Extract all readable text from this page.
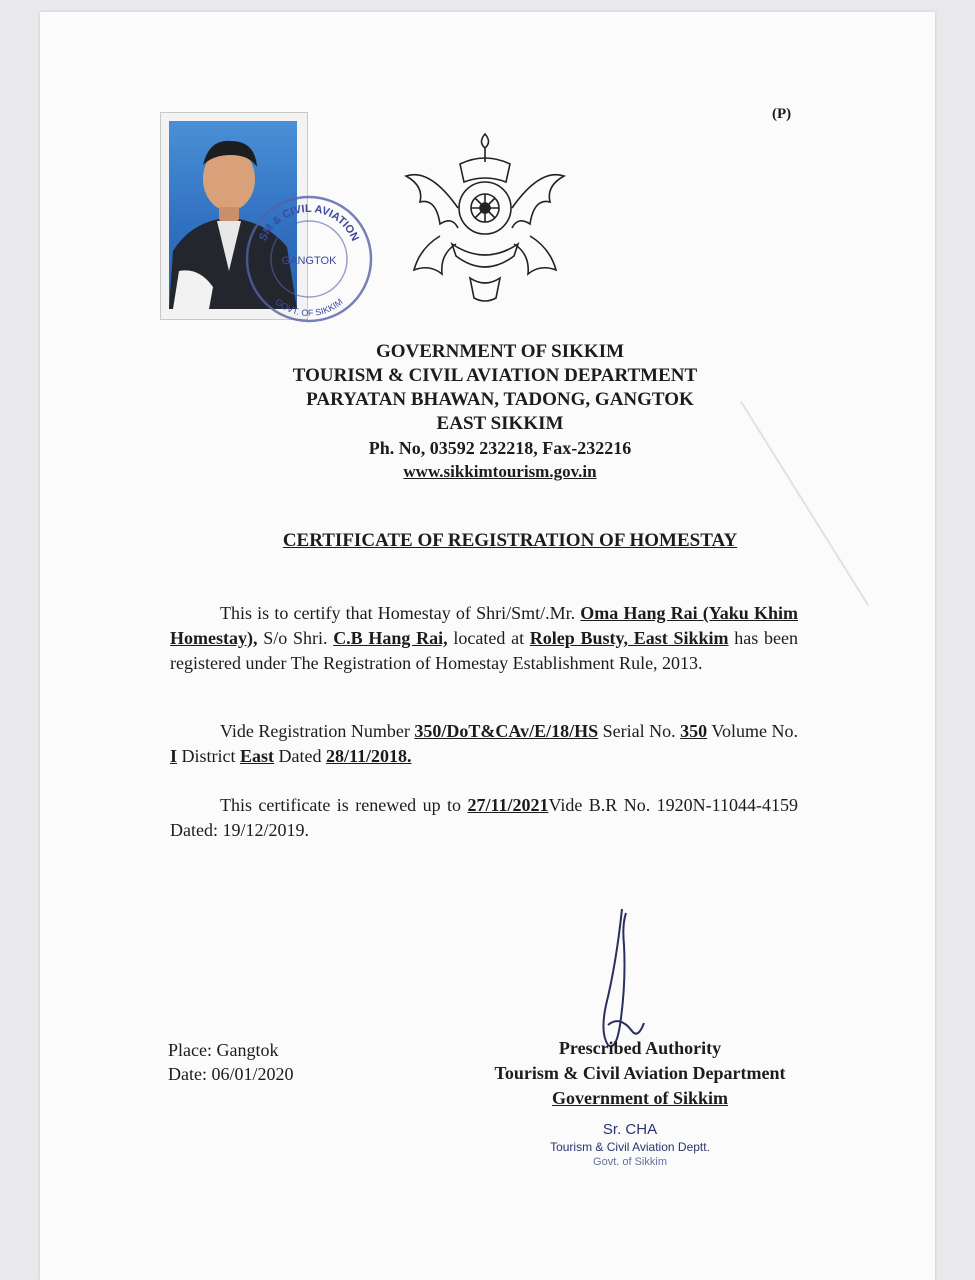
(P)
SM & CIVIL AVIATION
GANGTOK
GOVT. OF SIKKIM
GOVERNMENT OF SIKKIM
TOURISM & CIVIL AVIATION DEPARTMENT
PARYATAN BHAWAN, TADONG, GANGTOK
EAST SIKKIM
Ph. No, 03592 232218, Fax-232216
www.sikkimtourism.gov.in
CERTIFICATE OF REGISTRATION OF HOMESTAY
This is to certify that Homestay of Shri/Smt/.Mr. Oma Hang Rai (Yaku Khim Homestay), S/o Shri. C.B Hang Rai, located at Rolep Busty, East Sikkim has been registered under The Registration of Homestay Establishment Rule, 2013.
Vide Registration Number 350/DoT&CAv/E/18/HS Serial No. 350 Volume No. I District East Dated 28/11/2018.
This certificate is renewed up to 27/11/2021Vide B.R No. 1920N-11044-4159 Dated: 19/12/2019.
Place: Gangtok
Date: 06/01/2020
Prescribed Authority
Tourism & Civil Aviation Department
Government of Sikkim
Sr. CHA
Tourism & Civil Aviation Deptt.
Govt. of Sikkim
